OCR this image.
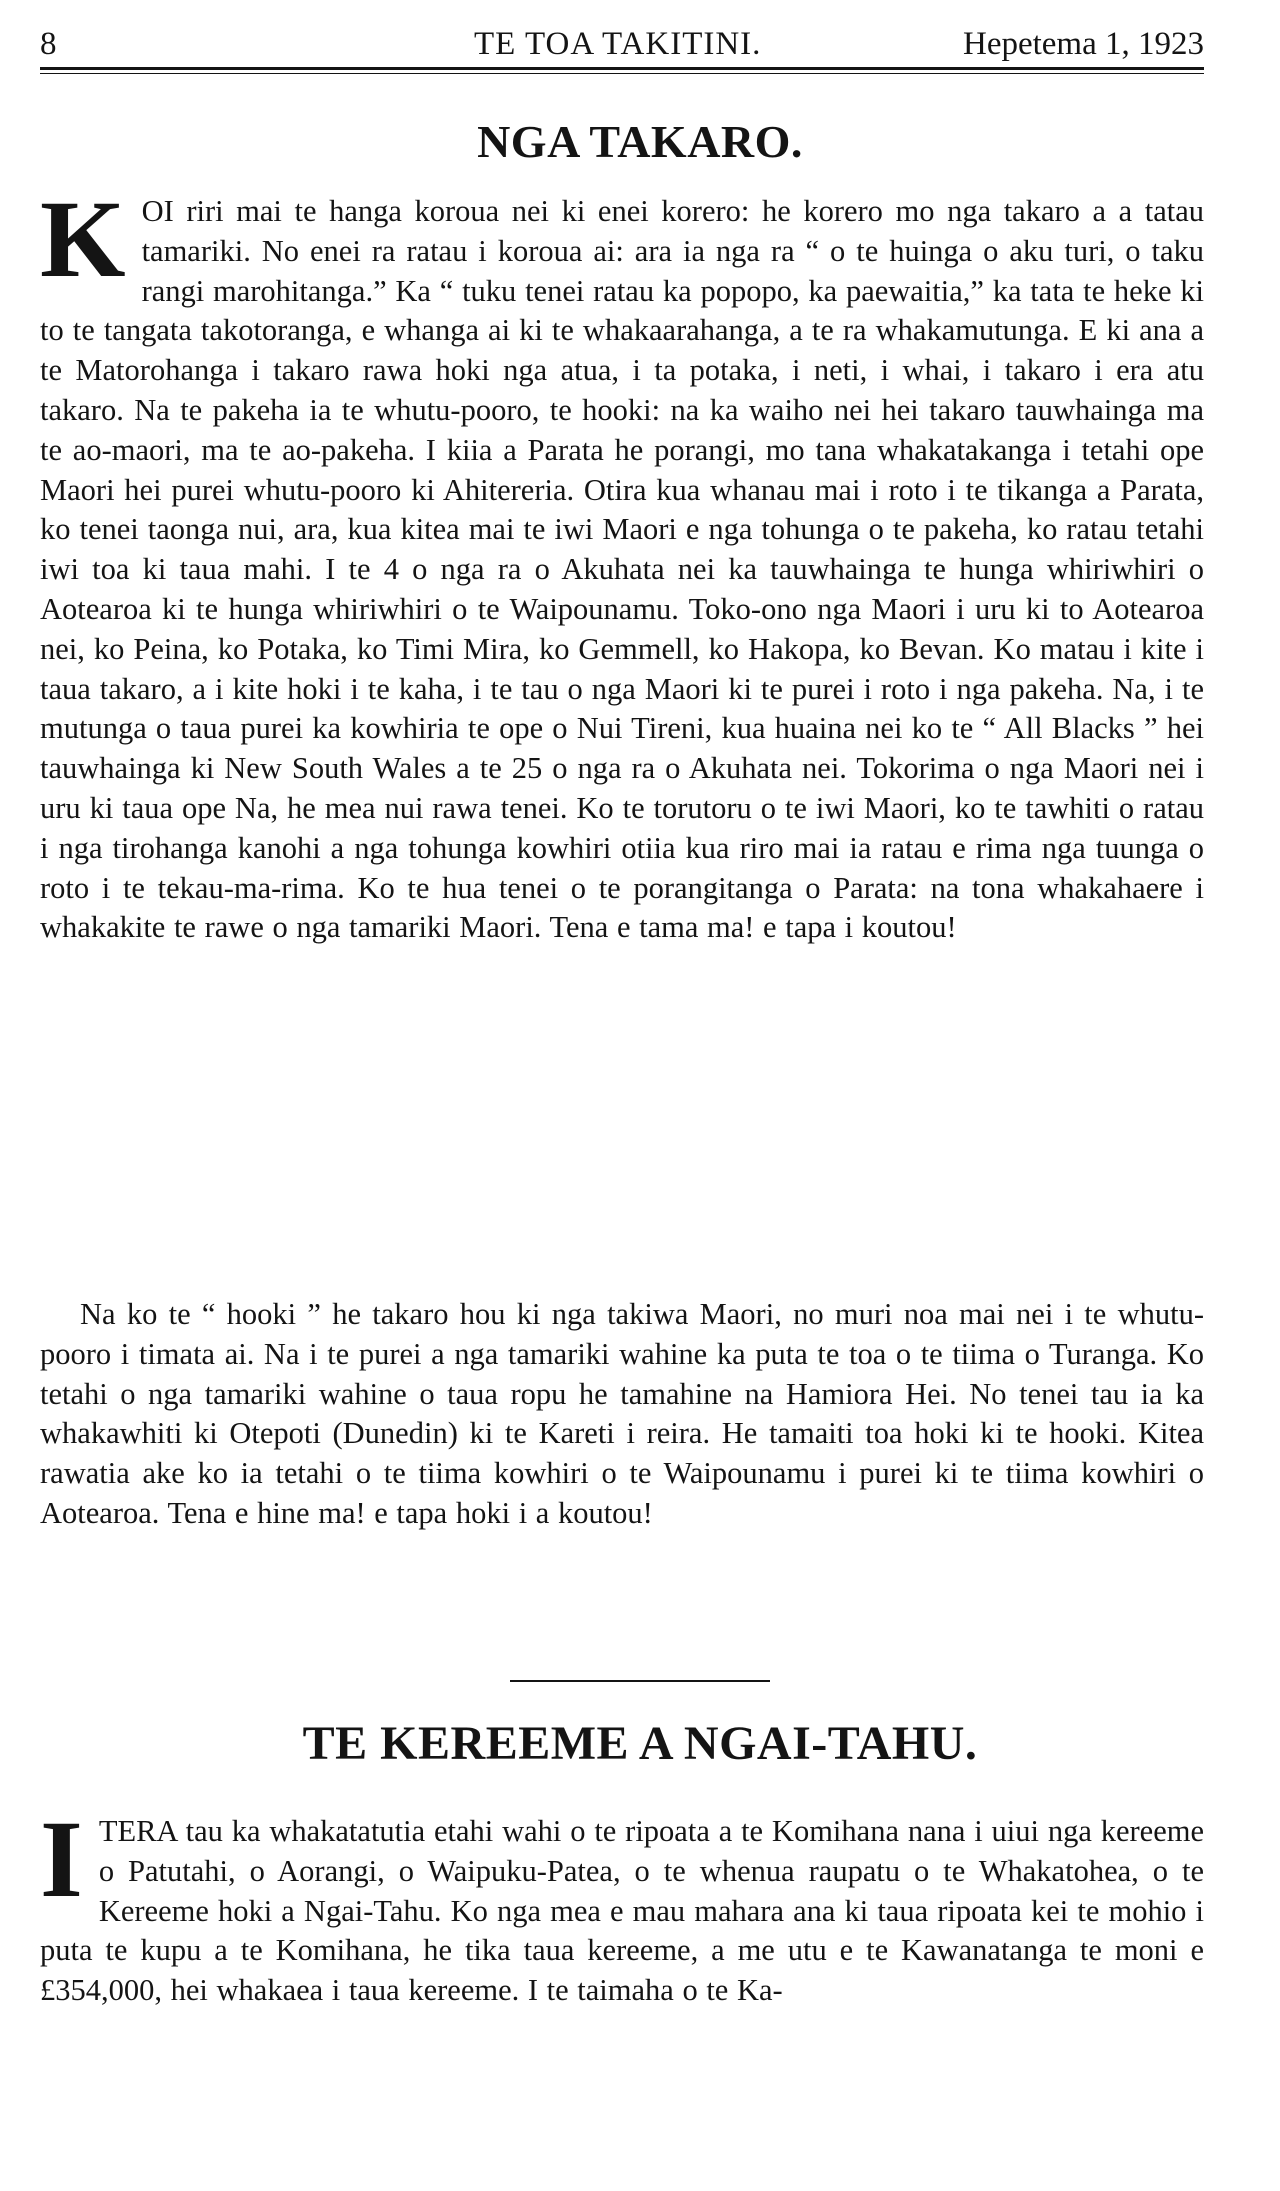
8	TE TOA TAKITINI.	Hepetema 1, 1923
NGA TAKARO.

K OI riri mai te hanga koroua nei ki enei korero: he korero mo nga takaro a a tatau tamariki. No enei ra ratau i koroua ai: ara ia nga ra “ o te huinga o aku turi, o taku rangi marohitanga.” Ka “ tuku tenei ratau ka popopo, ka paewaitia,” ka tata te heke ki to te tangata takotoranga, e whanga ai ki te whakaarahanga, a te ra whakamutunga. E ki ana a te Matorohanga i takaro rawa hoki nga atua, i ta potaka, i neti, i whai, i takaro i era atu takaro. Na te pakeha ia te whutu-pooro, te hooki: na ka waiho nei hei takaro tauwhainga ma te ao-maori, ma te ao-pakeha. I kiia a Parata he porangi, mo tana whakatakanga i tetahi ope Maori hei purei whutu-pooro ki Ahitereria. Otira kua whanau mai i roto i te tikanga a Parata, ko tenei taonga nui, ara, kua kitea mai te iwi Maori e nga tohunga o te pakeha, ko ratau tetahi iwi toa ki taua mahi. I te 4 o nga ra o Akuhata nei ka tauwhainga te hunga whiriwhiri o Aotearoa ki te hunga whiriwhiri o te Waipounamu. Toko-ono nga Maori i uru ki to Aotearoa nei, ko Peina, ko Potaka, ko Timi Mira, ko Gemmell, ko Hakopa, ko Bevan. Ko matau i kite i taua takaro, a i kite hoki i te kaha, i te tau o nga Maori ki te purei i roto i nga pakeha. Na, i te mutunga o taua purei ka kowhiria te ope o Nui Tireni, kua huaina nei ko te “ All Blacks ” hei tauwhainga ki New South Wales a te 25 o nga ra o Akuhata nei. Tokorima o nga Maori nei i uru ki taua ope Na, he mea nui rawa tenei. Ko te torutoru o te iwi Maori, ko te tawhiti o ratau i nga tirohanga kanohi a nga tohunga kowhiri otiia kua riro mai ia ratau e rima nga tuunga o roto i te tekau-ma-rima. Ko te hua tenei o te porangitanga o Parata: na tona whakahaere i whakakite te rawe o nga tamariki Maori. Tena e tama ma! e tapa i koutou!

Na ko te “ hooki ” he takaro hou ki nga takiwa Maori, no muri noa mai nei i te whutu-pooro i timata ai. Na i te purei a nga tamariki wahine ka puta te toa o te tiima o Turanga. Ko tetahi o nga tamariki wahine o taua ropu he tamahine na Hamiora Hei. No tenei tau ia ka whakawhiti ki Otepoti (Dunedin) ki te Kareti i reira. He tamaiti toa hoki ki te hooki. Kitea rawatia ake ko ia tetahi o te tiima kowhiri o te Waipounamu i purei ki te tiima kowhiri o Aotearoa. Tena e hine ma! e tapa hoki i a koutou!

TE KEREEME A NGAI-TAHU.

I TERA tau ka whakatatutia etahi wahi o te ripoata a te Komihana nana i uiui nga kereeme o Patutahi, o Aorangi, o Waipuku-Patea, o te whenua raupatu o te Whakatohea, o te Kereeme hoki a Ngai-Tahu. Ko nga mea e mau mahara ana ki taua ripoata kei te mohio i puta te kupu a te Komihana, he tika taua kereeme, a me utu e te Kawanatanga te moni e £354,000, hei whakaea i taua kereeme. I te taimaha o te Ka-
